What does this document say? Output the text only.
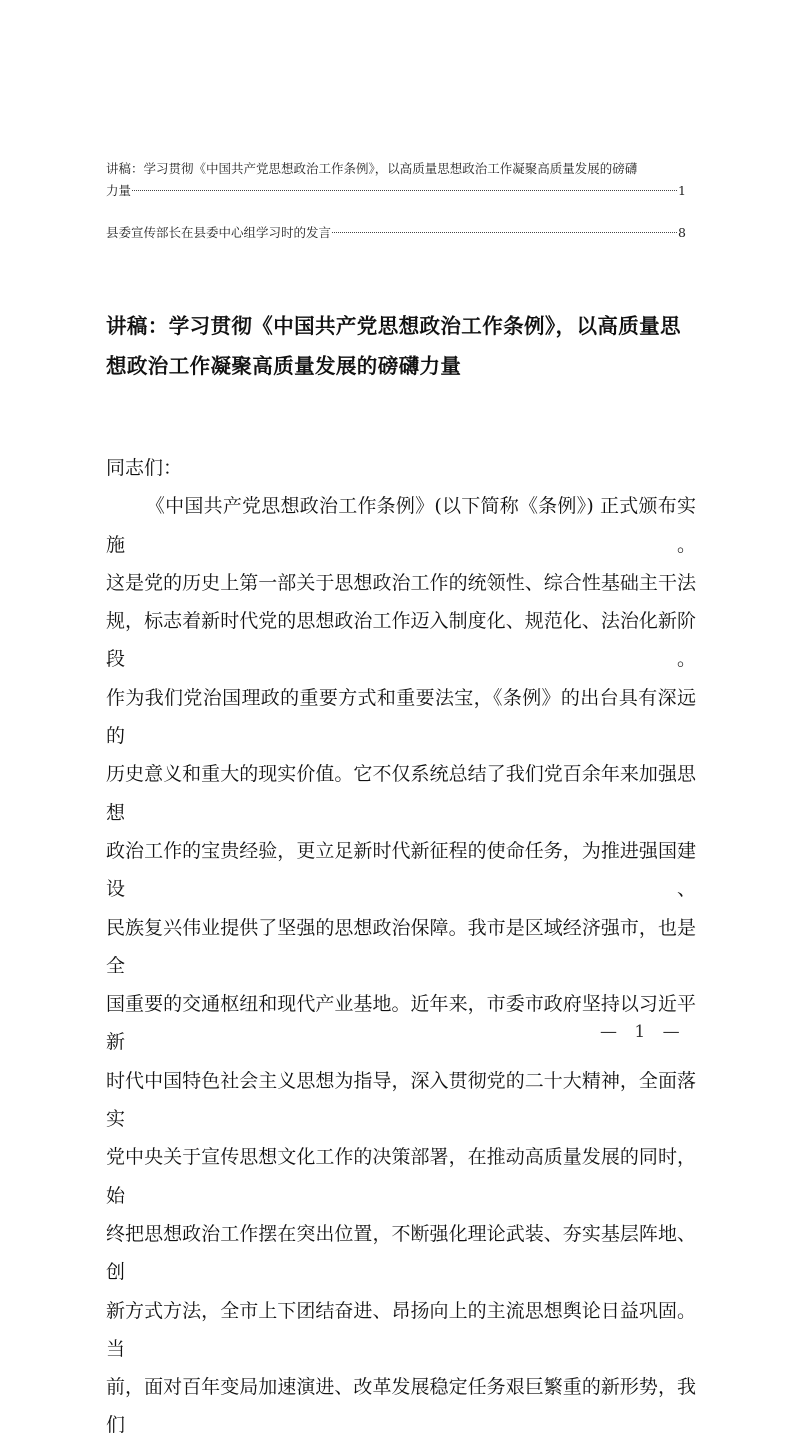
讲稿：学习贯彻《中国共产党思想政治工作条例》，以高质量思想政治工作凝聚高质量发展的磅礴
力量	1
县委宣传部长在县委中心组学习时的发言	8
讲稿：学习贯彻《中国共产党思想政治工作条例》，以高质量思
想政治工作凝聚高质量发展的磅礴力量
同志们：
《中国共产党思想政治工作条例》(以下简称《条例》) 正式颁布实施。
这是党的历史上第一部关于思想政治工作的统领性、综合性基础主干法
规，标志着新时代党的思想政治工作迈入制度化、规范化、法治化新阶段。
作为我们党治国理政的重要方式和重要法宝，《条例》的出台具有深远的
历史意义和重大的现实价值。它不仅系统总结了我们党百余年来加强思想
政治工作的宝贵经验，更立足新时代新征程的使命任务，为推进强国建设、
民族复兴伟业提供了坚强的思想政治保障。我市是区域经济强市，也是全
国重要的交通枢纽和现代产业基地。近年来，市委市政府坚持以习近平新
时代中国特色社会主义思想为指导，深入贯彻党的二十大精神，全面落实
党中央关于宣传思想文化工作的决策部署，在推动高质量发展的同时，始
终把思想政治工作摆在突出位置，不断强化理论武装、夯实基层阵地、创
新方式方法，全市上下团结奋进、昂扬向上的主流思想舆论日益巩固。当
前，面对百年变局加速演进、改革发展稳定任务艰巨繁重的新形势，我们
— 1 —
